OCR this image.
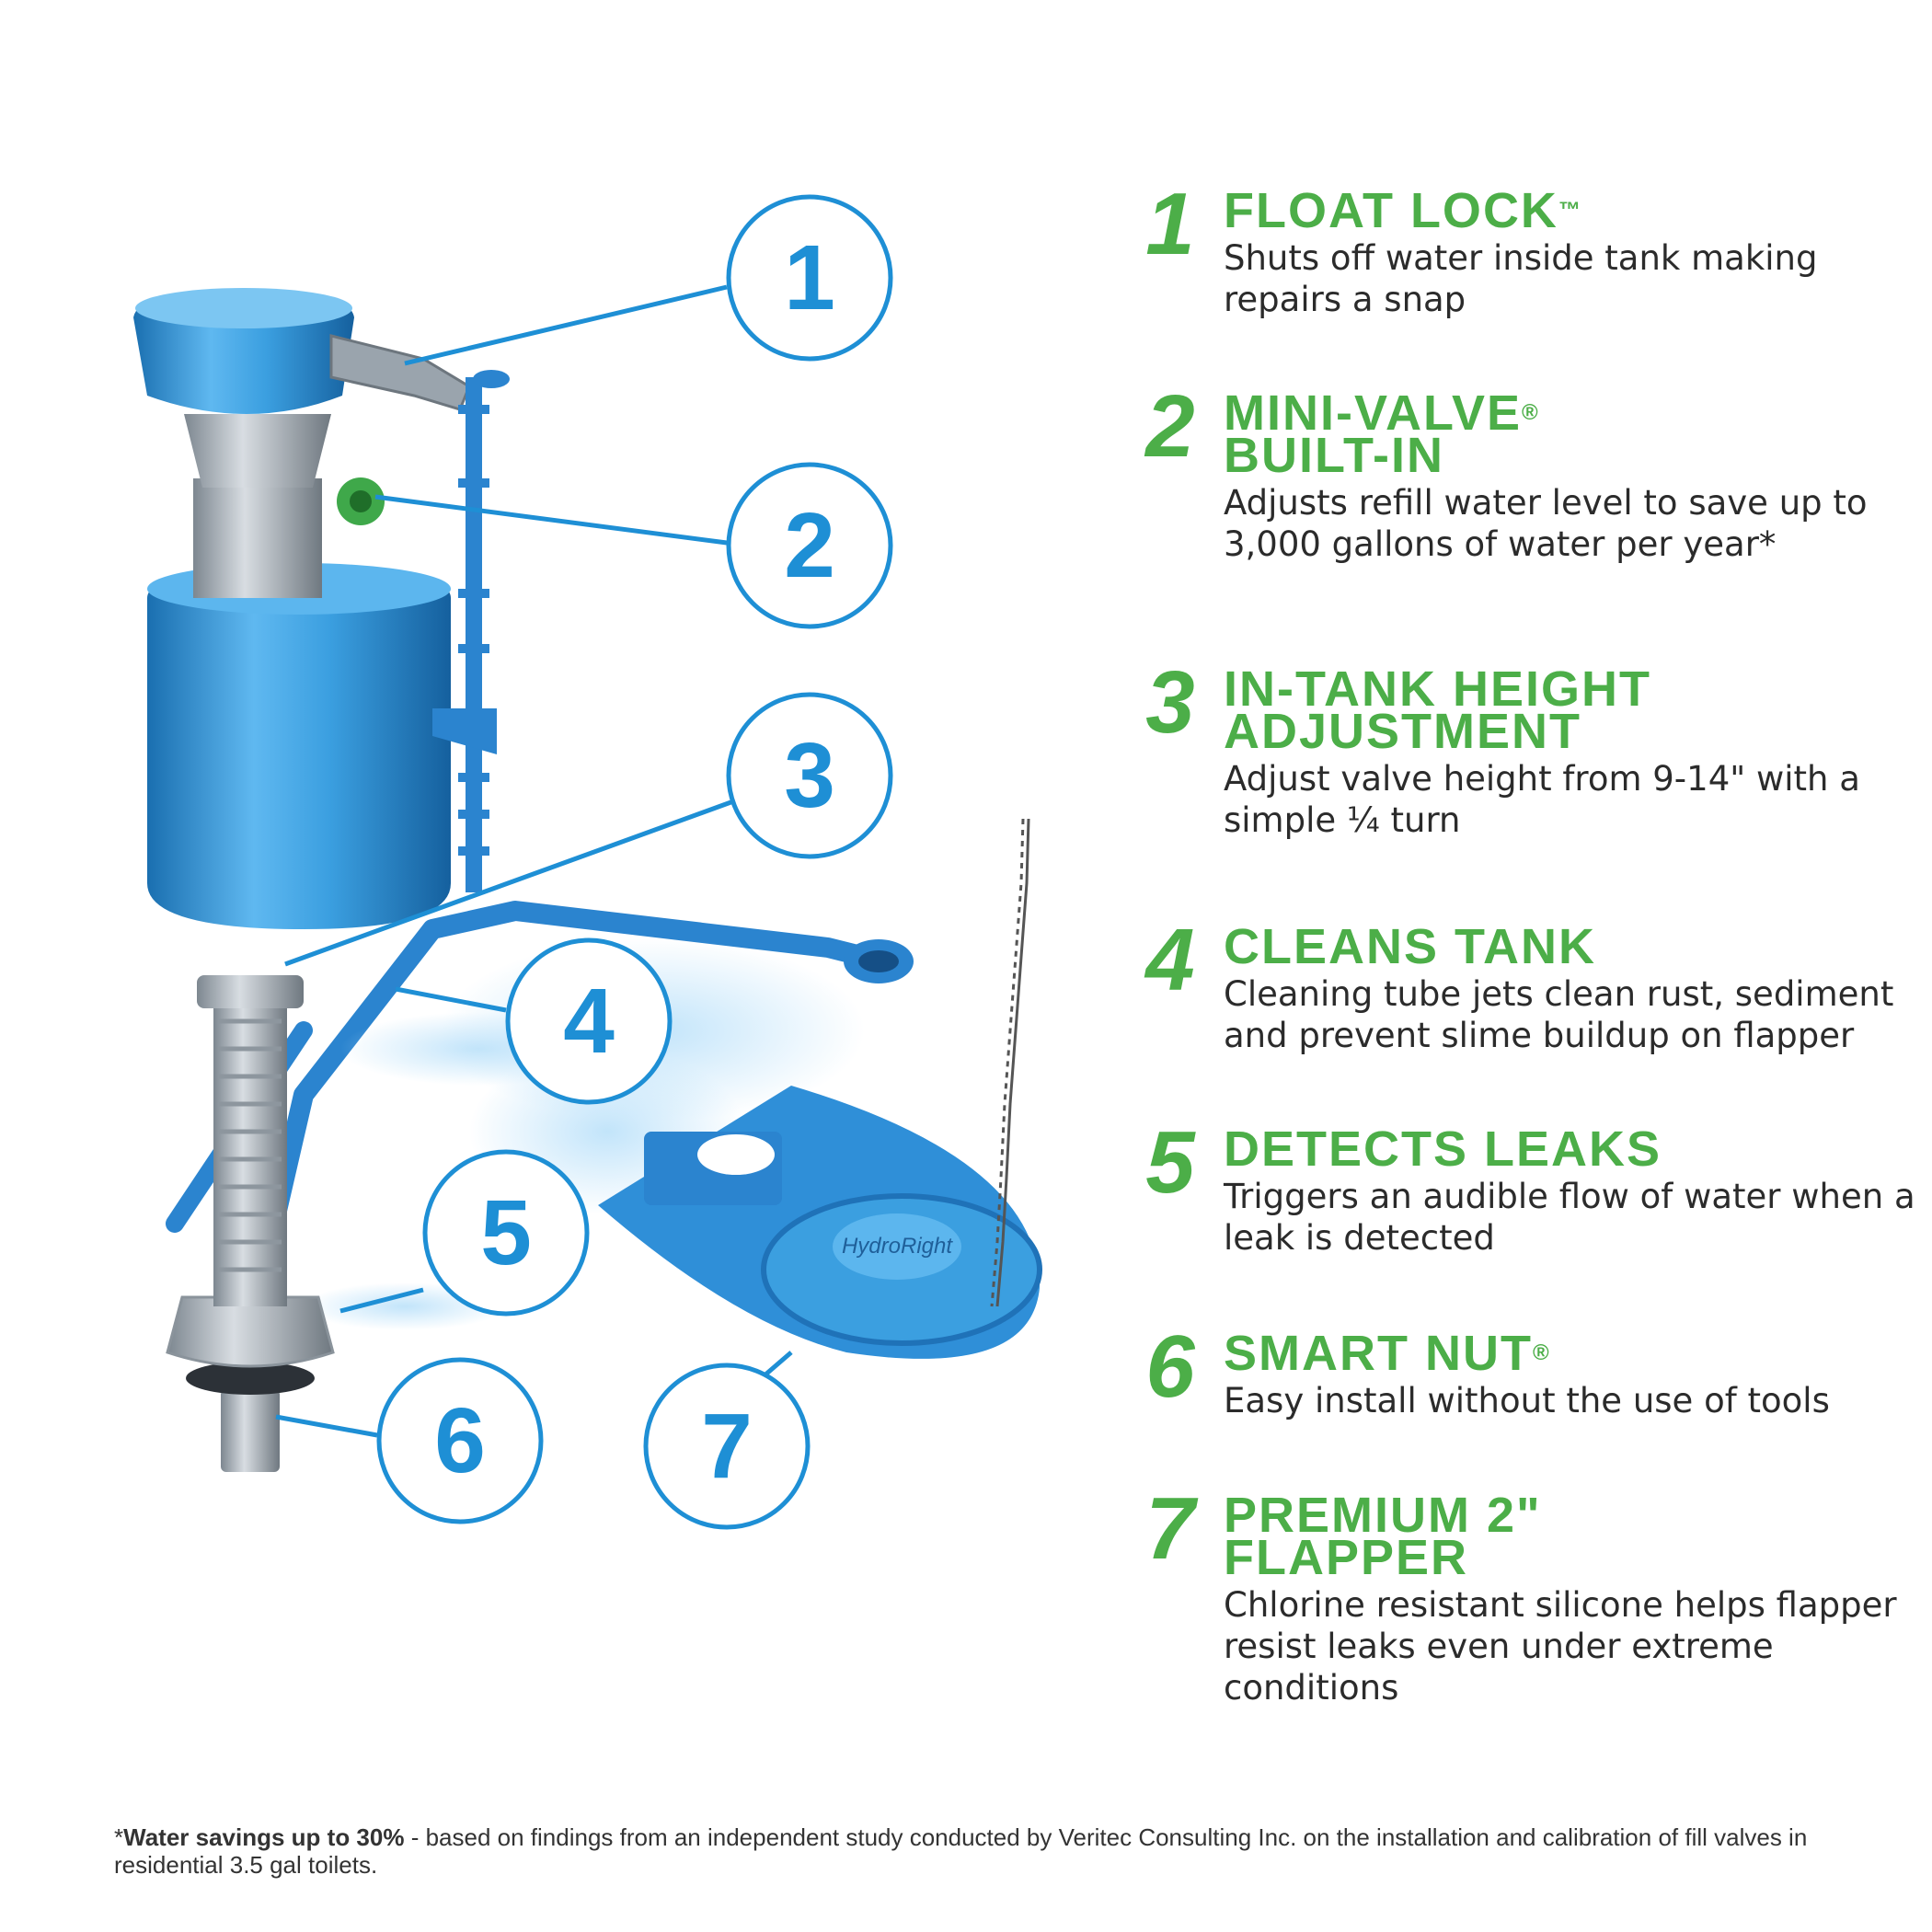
HydroRight
1
2
3
4
5
6 7
1 FLOAT LOCK™
Shuts off water inside tank making repairs a snap
2 MINI-VALVE®
BUILT-IN
Adjusts refill water level to save up to 3,000 gallons of water per year*
3 IN-TANK HEIGHT
ADJUSTMENT
Adjust valve height from 9-14" with a simple ¼ turn
4 CLEANS TANK
Cleaning tube jets clean rust, sediment and prevent slime buildup on flapper
5 DETECTS LEAKS
Triggers an audible flow of water when a leak is detected
6 SMART NUT®
Easy install without the use of tools
7 PREMIUM 2"
FLAPPER
Chlorine resistant silicone helps flapper resist leaks even under extreme conditions
*Water savings up to 30% - based on findings from an independent study conducted by Veritec Consulting Inc. on the installation and calibration of fill valves in residential 3.5 gal toilets.
